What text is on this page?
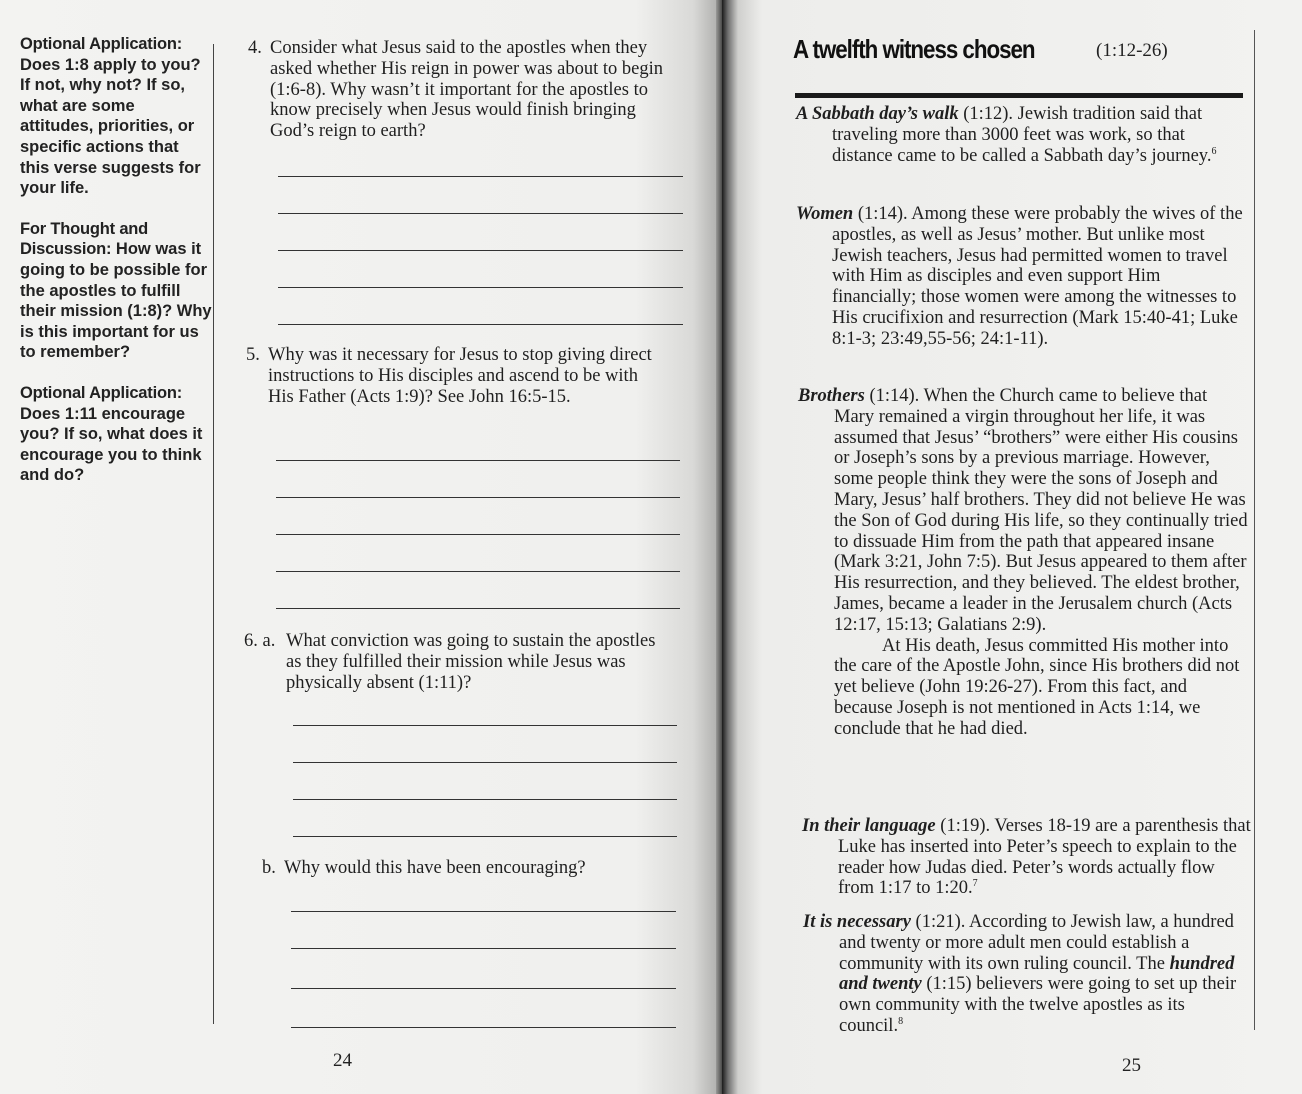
Optional Application: Does 1:8 apply to you? If not, why not? If so, what are some attitudes, priorities, or specific actions that this verse suggests for your life.
For Thought and Discussion: How was it going to be possible for the apostles to fulfill their mission (1:8)? Why is this important for us to remember?
Optional Application: Does 1:11 encourage you? If so, what does it encourage you to think and do?
4. Consider what Jesus said to the apostles when they asked whether His reign in power was about to begin (1:6-8). Why wasn’t it important for the apostles to know precisely when Jesus would finish bringing God’s reign to earth?
5. Why was it necessary for Jesus to stop giving direct instructions to His disciples and ascend to be with His Father (Acts 1:9)? See John 16:5-15.
6. a. What conviction was going to sustain the apostles as they fulfilled their mission while Jesus was physically absent (1:11)?
b. Why would this have been encouraging?
24
A twelfth witness chosen	(1:12-26)
A Sabbath day’s walk (1:12). Jewish tradition said that traveling more than 3000 feet was work, so that distance came to be called a Sabbath day’s journey.$^6$
Women (1:14). Among these were probably the wives of the apostles, as well as Jesus’ mother. But unlike most Jewish teachers, Jesus had permitted women to travel with Him as disciples and even support Him financially; those women were among the witnesses to His crucifixion and resurrection (Mark 15:40-41; Luke 8:1-3; 23:49,55-56; 24:1-11).
Brothers (1:14). When the Church came to believe that Mary remained a virgin throughout her life, it was assumed that Jesus’ “brothers” were either His cousins or Joseph’s sons by a previous marriage. However, some people think they were the sons of Joseph and Mary, Jesus’ half brothers. They did not believe He was the Son of God during His life, so they continually tried to dissuade Him from the path that appeared insane (Mark 3:21, John 7:5). But Jesus appeared to them after His resurrection, and they believed. The eldest brother, James, became a leader in the Jerusalem church (Acts 12:17, 15:13; Galatians 2:9).
At His death, Jesus committed His mother into the care of the Apostle John, since His brothers did not yet believe (John 19:26-27). From this fact, and because Joseph is not mentioned in Acts 1:14, we conclude that he had died.
In their language (1:19). Verses 18-19 are a parenthesis that Luke has inserted into Peter’s speech to explain to the reader how Judas died. Peter’s words actually flow from 1:17 to 1:20.$^7$
It is necessary (1:21). According to Jewish law, a hundred and twenty or more adult men could establish a community with its own ruling council. The hundred and twenty (1:15) believers were going to set up their own community with the twelve apostles as its council.$^8$
25
